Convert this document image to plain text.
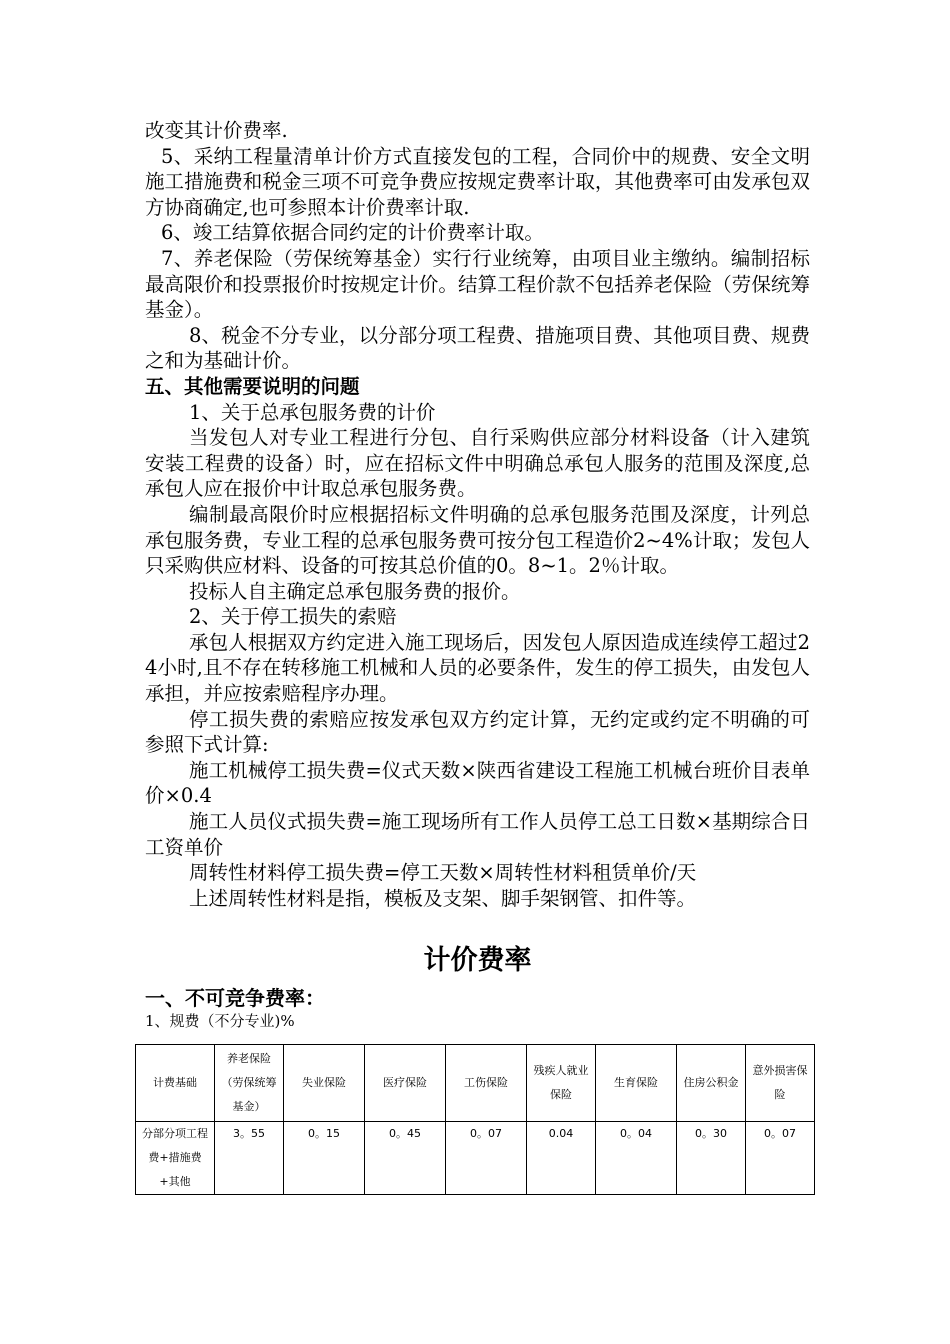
改变其计价费率.

5、采纳工程量清单计价方式直接发包的工程，合同价中的规费、安全文明施工措施费和税金三项不可竞争费应按规定费率计取，其他费率可由发承包双方协商确定,也可参照本计价费率计取.

6、竣工结算依据合同约定的计价费率计取。

7、养老保险（劳保统筹基金）实行行业统筹，由项目业主缴纳。编制招标最高限价和投票报价时按规定计价。结算工程价款不包括养老保险（劳保统筹基金）。

8、税金不分专业，以分部分项工程费、措施项目费、其他项目费、规费之和为基础计价。

五、其他需要说明的问题

1、关于总承包服务费的计价

当发包人对专业工程进行分包、自行采购供应部分材料设备（计入建筑安装工程费的设备）时，应在招标文件中明确总承包人服务的范围及深度,总承包人应在报价中计取总承包服务费。

编制最高限价时应根据招标文件明确的总承包服务范围及深度，计列总承包服务费，专业工程的总承包服务费可按分包工程造价2~4%计取；发包人只采购供应材料、设备的可按其总价值的0。8~1。2％计取。

投标人自主确定总承包服务费的报价。

2、关于停工损失的索赔

承包人根据双方约定进入施工现场后，因发包人原因造成连续停工超过24小时,且不存在转移施工机械和人员的必要条件，发生的停工损失，由发包人承担，并应按索赔程序办理。

停工损失费的索赔应按发承包双方约定计算，无约定或约定不明确的可参照下式计算:

施工机械停工损失费=仪式天数×陕西省建设工程施工机械台班价目表单价×0.4

施工人员仪式损失费=施工现场所有工作人员停工总工日数×基期综合日工资单价

周转性材料停工损失费=停工天数×周转性材料租赁单价/天

上述周转性材料是指，模板及支架、脚手架钢管、扣件等。

计价费率
一、不可竞争费率：
1、规费（不分专业)%
计费基础	养老保险（劳保统筹基金）	失业保险	医疗保险	工伤保险	残疾人就业保险	生育保险	住房公积金	意外损害保险
分部分项工程费+措施费+其他	3。55	0。15	0。45	0。07	0.04	0。04	0。30	0。07
